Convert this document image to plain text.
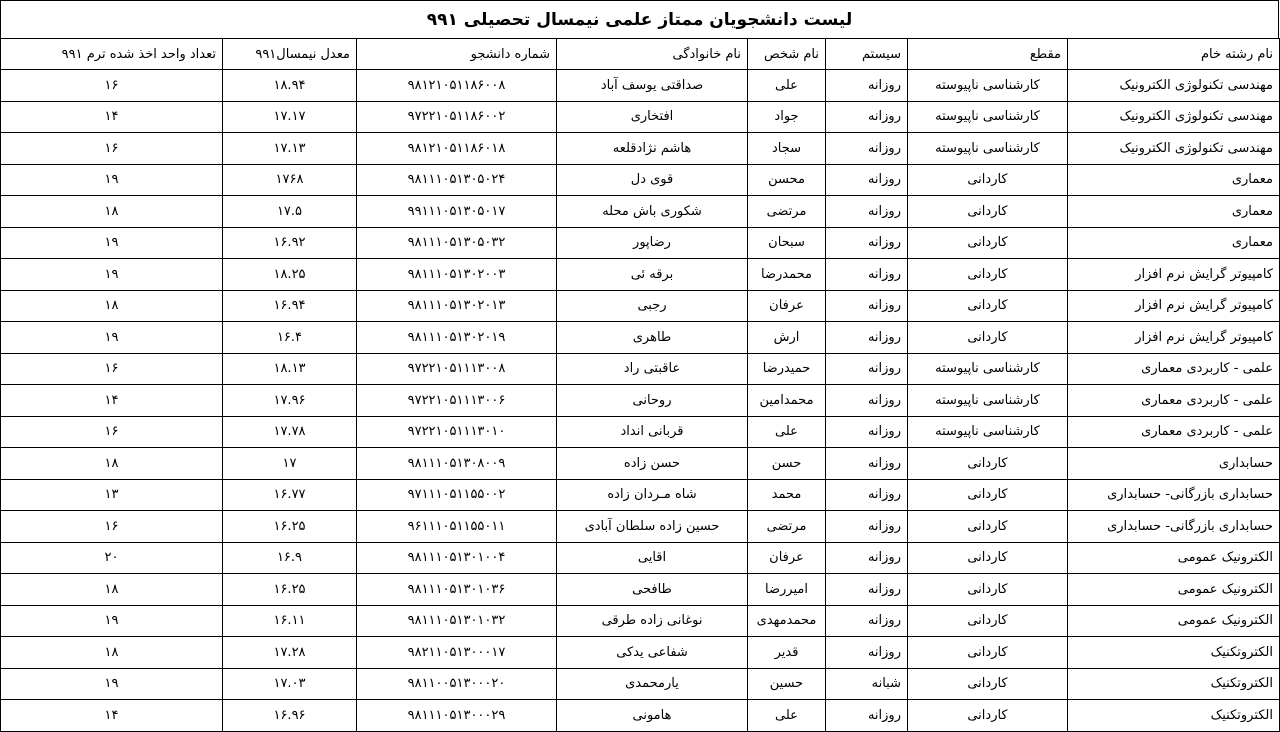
لیست دانشجویان ممتاز علمی نیمسال تحصیلی ۹۹۱
نام رشته خام	مقطع	سیستم	نام شخص	نام خانوادگی	شماره دانشجو	معدل نیمسال۹۹۱	تعداد واحد اخذ شده ترم ۹۹۱
مهندسی تکنولوژی الکترونیک	کارشناسی ناپیوسته	روزانه	علی	صداقتی یوسف آباد	۹۸۱۲۱۰۵۱۱۸۶۰۰۸	۱۸.۹۴	۱۶
مهندسی تکنولوژی الکترونیک	کارشناسی ناپیوسته	روزانه	جواد	افتخاری	۹۷۲۲۱۰۵۱۱۸۶۰۰۲	۱۷.۱۷	۱۴
مهندسی تکنولوژی الکترونیک	کارشناسی ناپیوسته	روزانه	سجاد	هاشم نژادقلعه	۹۸۱۲۱۰۵۱۱۸۶۰۱۸	۱۷.۱۳	۱۶
معماری	کاردانی	روزانه	محسن	قوی دل	۹۸۱۱۱۰۵۱۳۰۵۰۲۴	۱۷۶۸	۱۹
معماری	کاردانی	روزانه	مرتضی	شکوری باش محله	۹۹۱۱۱۰۵۱۳۰۵۰۱۷	۱۷.۵	۱۸
معماری	کاردانی	روزانه	سبحان	رضاپور	۹۸۱۱۱۰۵۱۳۰۵۰۳۲	۱۶.۹۲	۱۹
کامپیوتر گرایش نرم افزار	کاردانی	روزانه	محمدرضا	برقه ئی	۹۸۱۱۱۰۵۱۳۰۲۰۰۳	۱۸.۲۵	۱۹
کامپیوتر گرایش نرم افزار	کاردانی	روزانه	عرفان	رجبی	۹۸۱۱۱۰۵۱۳۰۲۰۱۳	۱۶.۹۴	۱۸
کامپیوتر گرایش نرم افزار	کاردانی	روزانه	ارش	طاهری	۹۸۱۱۱۰۵۱۳۰۲۰۱۹	۱۶.۴	۱۹
علمی - کاربردی معماری	کارشناسی ناپیوسته	روزانه	حمیدرضا	عاقبتی راد	۹۷۲۲۱۰۵۱۱۱۳۰۰۸	۱۸.۱۳	۱۶
علمی - کاربردی معماری	کارشناسی ناپیوسته	روزانه	محمدامین	روحانی	۹۷۲۲۱۰۵۱۱۱۳۰۰۶	۱۷.۹۶	۱۴
علمی - کاربردی معماری	کارشناسی ناپیوسته	روزانه	علی	قربانی انداد	۹۷۲۲۱۰۵۱۱۱۳۰۱۰	۱۷.۷۸	۱۶
حسابداری	کاردانی	روزانه	حسن	حسن زاده	۹۸۱۱۱۰۵۱۳۰۸۰۰۹	۱۷	۱۸
حسابداری بازرگانی- حسابداری	کاردانی	روزانه	محمد	شاه مـردان زاده	۹۷۱۱۱۰۵۱۱۵۵۰۰۲	۱۶.۷۷	۱۳
حسابداری بازرگانی- حسابداری	کاردانی	روزانه	مرتضی	حسین زاده سلطان آبادی	۹۶۱۱۱۰۵۱۱۵۵۰۱۱	۱۶.۲۵	۱۶
الکترونیک عمومی	کاردانی	روزانه	عرفان	اقایی	۹۸۱۱۱۰۵۱۳۰۱۰۰۴	۱۶.۹	۲۰
الکترونیک عمومی	کاردانی	روزانه	امیررضا	طافحی	۹۸۱۱۱۰۵۱۳۰۱۰۳۶	۱۶.۲۵	۱۸
الکترونیک عمومی	کاردانی	روزانه	محمدمهدی	نوغانی زاده طرقی	۹۸۱۱۱۰۵۱۳۰۱۰۳۲	۱۶.۱۱	۱۹
الکتروتکنیک	کاردانی	روزانه	قدیر	شفاعی یدکی	۹۸۲۱۱۰۵۱۳۰۰۰۱۷	۱۷.۲۸	۱۸
الکتروتکنیک	کاردانی	شبانه	حسین	یارمحمدی	۹۸۱۱۰۰۵۱۳۰۰۰۲۰	۱۷.۰۳	۱۹
الکتروتکنیک	کاردانی	روزانه	علی	هامونی	۹۸۱۱۱۰۵۱۳۰۰۰۲۹	۱۶.۹۶	۱۴
